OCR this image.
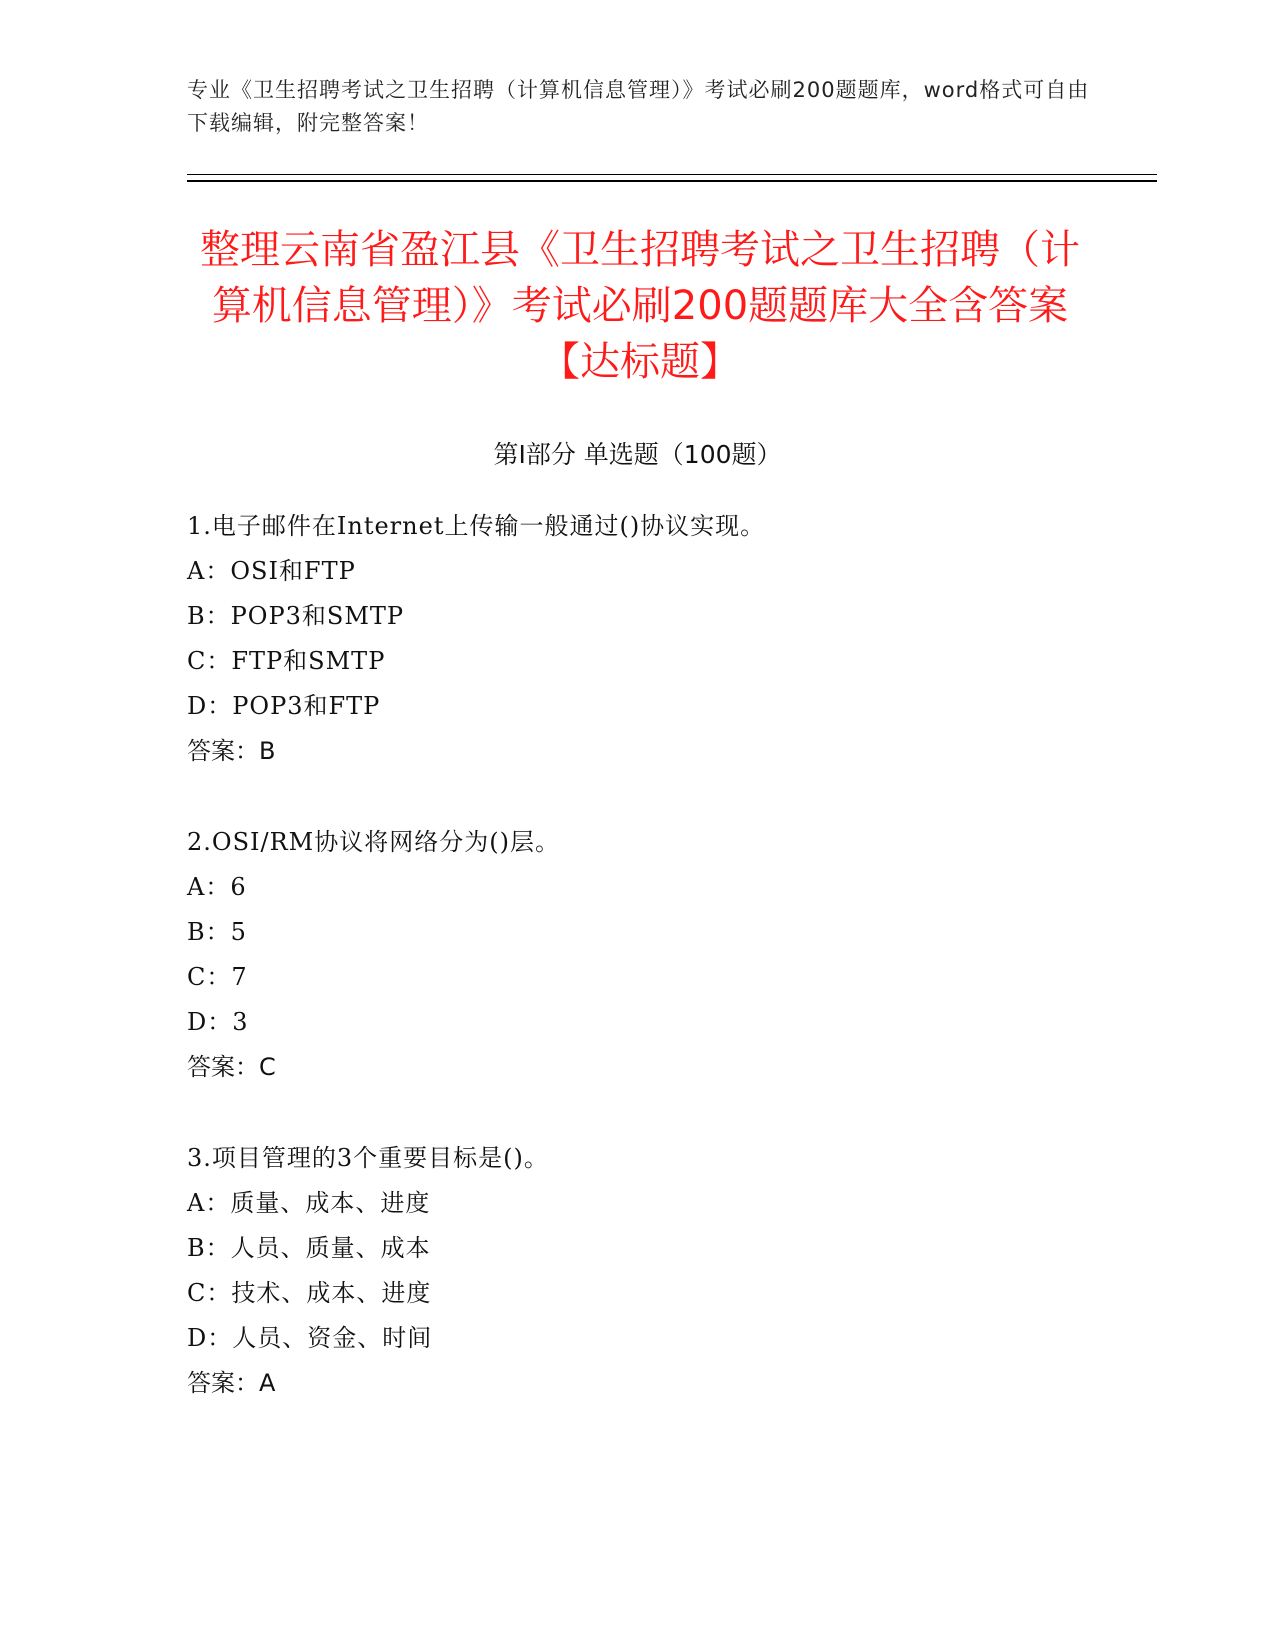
专业《卫生招聘考试之卫生招聘（计算机信息管理）》考试必刷200题题库，word格式可自由下载编辑，附完整答案！
整理云南省盈江县《卫生招聘考试之卫生招聘（计算机信息管理）》考试必刷200题题库大全含答案【达标题】
第Ⅰ部分 单选题（100题）
1.电子邮件在Internet上传输一般通过()协议实现。
A：OSI和FTP
B：POP3和SMTP
C：FTP和SMTP
D：POP3和FTP
答案：B
2.OSI/RM协议将网络分为()层。
A：6
B：5
C：7
D：3
答案：C
3.项目管理的3个重要目标是()。
A：质量、成本、进度
B：人员、质量、成本
C：技术、成本、进度
D：人员、资金、时间
答案：A
